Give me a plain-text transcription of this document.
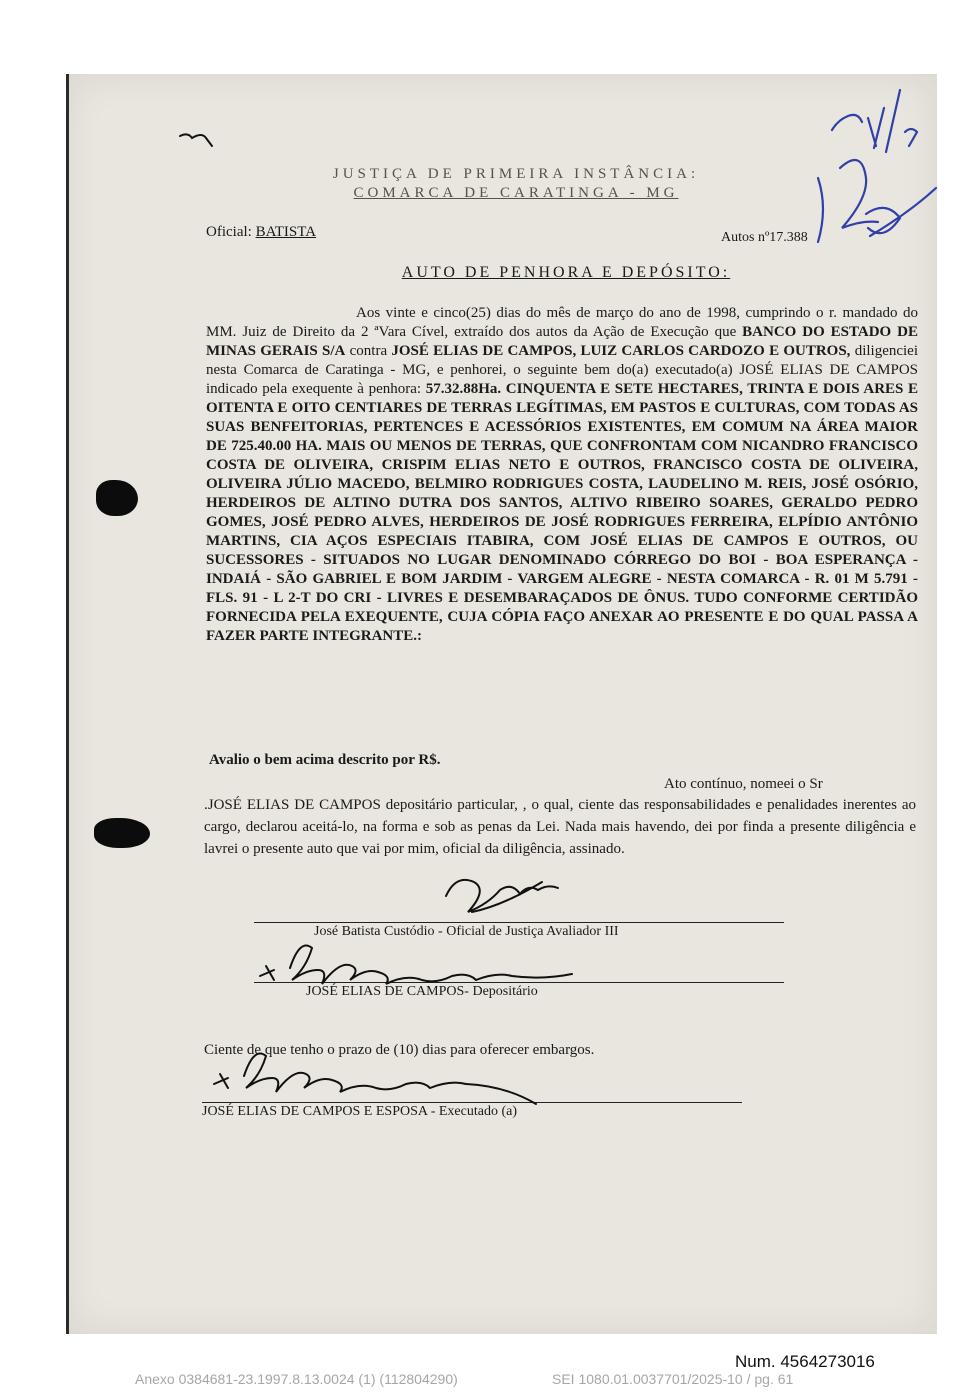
JUSTIÇA DE PRIMEIRA INSTÂNCIA:
COMARCA DE CARATINGA - MG
Oficial: BATISTA	Autos nº17.388
AUTO DE PENHORA E DEPÓSITO:
Aos vinte e cinco(25) dias do mês de março do ano de 1998, cumprindo o r. mandado do MM. Juiz de Direito da 2 ªVara Cível, extraído dos autos da Ação de Execução que BANCO DO ESTADO DE MINAS GERAIS S/A contra JOSÉ ELIAS DE CAMPOS, LUIZ CARLOS CARDOZO E OUTROS, diligenciei nesta Comarca de Caratinga - MG, e penhorei, o seguinte bem do(a) executado(a) JOSÉ ELIAS DE CAMPOS indicado pela exequente à penhora: 57.32.88Ha. CINQUENTA E SETE HECTARES, TRINTA E DOIS ARES E OITENTA E OITO CENTIARES DE TERRAS LEGÍTIMAS, EM PASTOS E CULTURAS, COM TODAS AS SUAS BENFEITORIAS, PERTENCES E ACESSÓRIOS EXISTENTES, EM COMUM NA ÁREA MAIOR DE 725.40.00 HA. MAIS OU MENOS DE TERRAS, QUE CONFRONTAM COM NICANDRO FRANCISCO COSTA DE OLIVEIRA, CRISPIM ELIAS NETO E OUTROS, FRANCISCO COSTA DE OLIVEIRA, OLIVEIRA JÚLIO MACEDO, BELMIRO RODRIGUES COSTA, LAUDELINO M. REIS, JOSÉ OSÓRIO, HERDEIROS DE ALTINO DUTRA DOS SANTOS, ALTIVO RIBEIRO SOARES, GERALDO PEDRO GOMES, JOSÉ PEDRO ALVES, HERDEIROS DE JOSÉ RODRIGUES FERREIRA, ELPÍDIO ANTÔNIO MARTINS, CIA AÇOS ESPECIAIS ITABIRA, COM JOSÉ ELIAS DE CAMPOS E OUTROS, OU SUCESSORES - SITUADOS NO LUGAR DENOMINADO CÓRREGO DO BOI - BOA ESPERANÇA - INDAIÁ - SÃO GABRIEL E BOM JARDIM - VARGEM ALEGRE - NESTA COMARCA - R. 01 M 5.791 - FLS. 91 - L 2-T DO CRI - LIVRES E DESEMBARAÇADOS DE ÔNUS. TUDO CONFORME CERTIDÃO FORNECIDA PELA EXEQUENTE, CUJA CÓPIA FAÇO ANEXAR AO PRESENTE E DO QUAL PASSA A FAZER PARTE INTEGRANTE.:
Avalio o bem acima descrito por R$.
Ato contínuo, nomeei o Sr
.JOSÉ ELIAS DE CAMPOS depositário particular, , o qual, ciente das responsabilidades e penalidades inerentes ao cargo, declarou aceitá-lo, na forma e sob as penas da Lei. Nada mais havendo, dei por finda a presente diligência e lavrei o presente auto que vai por mim, oficial da diligência, assinado.
José Batista Custódio - Oficial de Justiça Avaliador III
JOSÉ ELIAS DE CAMPOS- Depositário
Ciente de que tenho o prazo de (10) dias para oferecer embargos.
JOSÉ ELIAS DE CAMPOS E ESPOSA - Executado (a)
Num. 4564273016
Anexo 0384681-23.1997.8.13.0024 (1) (112804290)	SEI 1080.01.0037701/2025-10 / pg. 61
